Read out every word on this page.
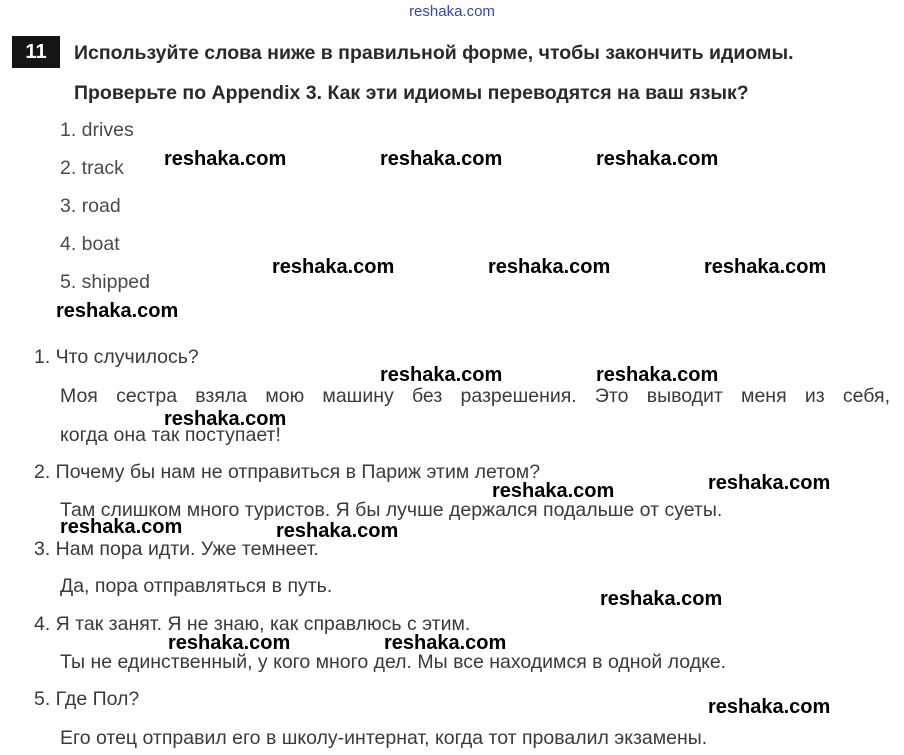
reshaka.com
11	Используйте слова ниже в правильной форме, чтобы закончить идиомы.
Проверьте по Appendix 3. Как эти идиомы переводятся на ваш язык?
1. drives
2. track
3. road
4. boat
5. shipped
1. Что случилось?
Моя сестра взяла мою машину без разрешения. Это выводит меня из себя,
когда она так поступает!
2. Почему бы нам не отправиться в Париж этим летом?
Там слишком много туристов. Я бы лучше держался подальше от суеты.
3. Нам пора идти. Уже темнеет.
Да, пора отправляться в путь.
4. Я так занят. Я не знаю, как справлюсь с этим.
Ты не единственный, у кого много дел. Мы все находимся в одной лодке.
5. Где Пол?
Его отец отправил его в школу-интернат, когда тот провалил экзамены.
reshaka.com	reshaka.com	reshaka.com
reshaka.com	reshaka.com	reshaka.com
reshaka.com
reshaka.com	reshaka.com
reshaka.com
reshaka.com
reshaka.com
reshaka.com	reshaka.com
reshaka.com
reshaka.com	reshaka.com
reshaka.com
